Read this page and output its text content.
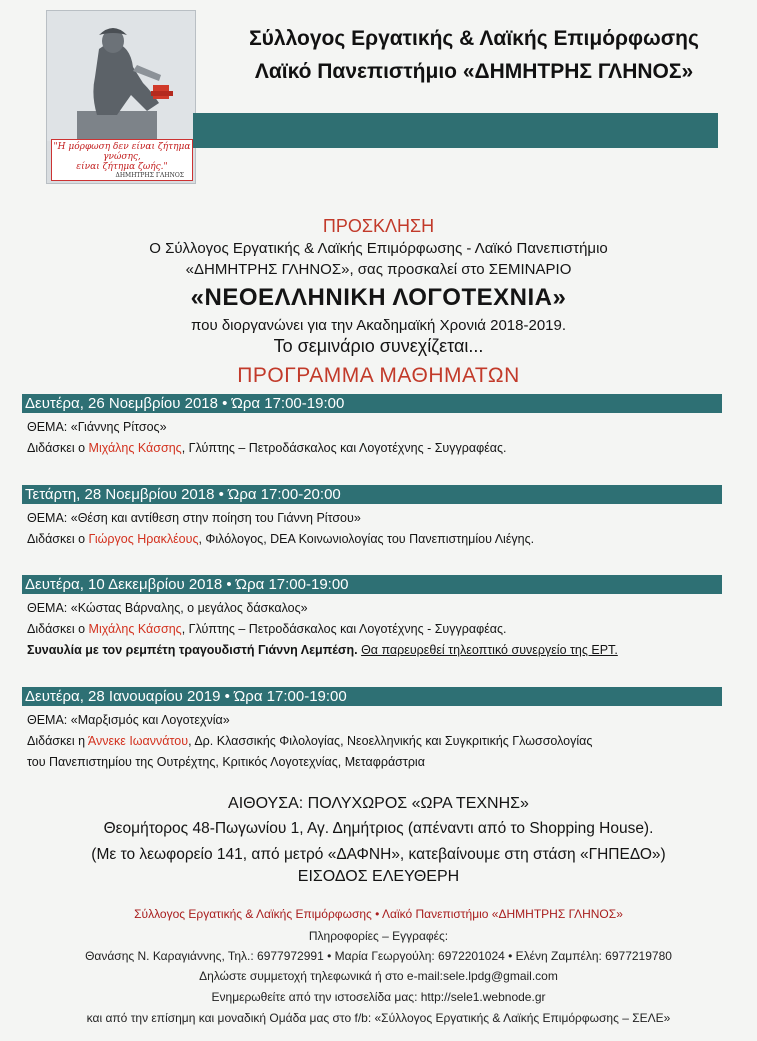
"Η μόρφωση δεν είναι ζήτημα γνώσης,
είναι ζήτημα ζωής."
ΔΗΜΗΤΡΗΣ ΓΛΗΝΟΣ
Σύλλογος Εργατικής & Λαϊκής Επιμόρφωσης
Λαϊκό Πανεπιστήμιο «ΔΗΜΗΤΡΗΣ ΓΛΗΝΟΣ»
ΠΡΟΣΚΛΗΣΗ
Ο Σύλλογος Εργατικής & Λαϊκής Επιμόρφωσης - Λαϊκό Πανεπιστήμιο
«ΔΗΜΗΤΡΗΣ ΓΛΗΝΟΣ», σας προσκαλεί στο ΣΕΜΙΝΑΡΙΟ
«ΝΕΟΕΛΛΗΝΙΚΗ ΛΟΓΟΤΕΧΝΙΑ»
που διοργανώνει για την Ακαδημαϊκή Χρονιά 2018-2019.
Το σεμινάριο συνεχίζεται...
ΠΡΟΓΡΑΜΜΑ ΜΑΘΗΜΑΤΩΝ
Δευτέρα, 26 Νοεμβρίου 2018 • Ώρα 17:00-19:00
ΘΕΜΑ: «Γιάννης Ρίτσος»
Διδάσκει ο Μιχάλης Κάσσης, Γλύπτης – Πετροδάσκαλος και Λογοτέχνης - Συγγραφέας.
Τετάρτη, 28 Νοεμβρίου 2018 • Ώρα 17:00-20:00
ΘΕΜΑ: «Θέση και αντίθεση στην ποίηση του Γιάννη Ρίτσου»
Διδάσκει ο Γιώργος Ηρακλέους, Φιλόλογος, DEA Κοινωνιολογίας του Πανεπιστημίου Λιέγης.
Δευτέρα, 10 Δεκεμβρίου 2018 • Ώρα 17:00-19:00
ΘΕΜΑ: «Κώστας Βάρναλης, ο μεγάλος δάσκαλος»
Διδάσκει ο Μιχάλης Κάσσης, Γλύπτης – Πετροδάσκαλος και Λογοτέχνης - Συγγραφέας.
Συναυλία με τον ρεμπέτη τραγουδιστή Γιάννη Λεμπέση. Θα παρευρεθεί τηλεοπτικό συνεργείο της ΕΡΤ.
Δευτέρα, 28 Ιανουαρίου 2019 • Ώρα 17:00-19:00
ΘΕΜΑ: «Μαρξισμός και Λογοτεχνία»
Διδάσκει η Άννεκε Ιωαννάτου, Δρ. Κλασσικής Φιλολογίας, Νεοελληνικής και Συγκριτικής Γλωσσολογίας
του Πανεπιστημίου της Ουτρέχτης, Κριτικός Λογοτεχνίας, Μεταφράστρια
ΑΙΘΟΥΣΑ: ΠΟΛΥΧΩΡΟΣ «ΩΡΑ ΤΕΧΝΗΣ»
Θεομήτορος 48-Πωγωνίου 1, Αγ. Δημήτριος (απέναντι από το Shopping House).
(Με το λεωφορείο 141, από μετρό «ΔΑΦΝΗ», κατεβαίνουμε στη στάση «ΓΗΠΕΔΟ»)
ΕΙΣΟΔΟΣ ΕΛΕΥΘΕΡΗ
Σύλλογος Εργατικής & Λαϊκής Επιμόρφωσης • Λαϊκό Πανεπιστήμιο «ΔΗΜΗΤΡΗΣ ΓΛΗΝΟΣ»
Πληροφορίες – Εγγραφές:
Θανάσης Ν. Καραγιάννης, Τηλ.: 6977972991 • Μαρία Γεωργούλη: 6972201024 • Ελένη Ζαμπέλη: 6977219780
Δηλώστε συμμετοχή τηλεφωνικά ή στο e-mail:sele.lpdg@gmail.com
Ενημερωθείτε από την ιστοσελίδα μας: http://sele1.webnode.gr
και από την επίσημη και μοναδική Ομάδα μας στο f/b: «Σύλλογος Εργατικής & Λαϊκής Επιμόρφωσης – ΣΕΛΕ»
